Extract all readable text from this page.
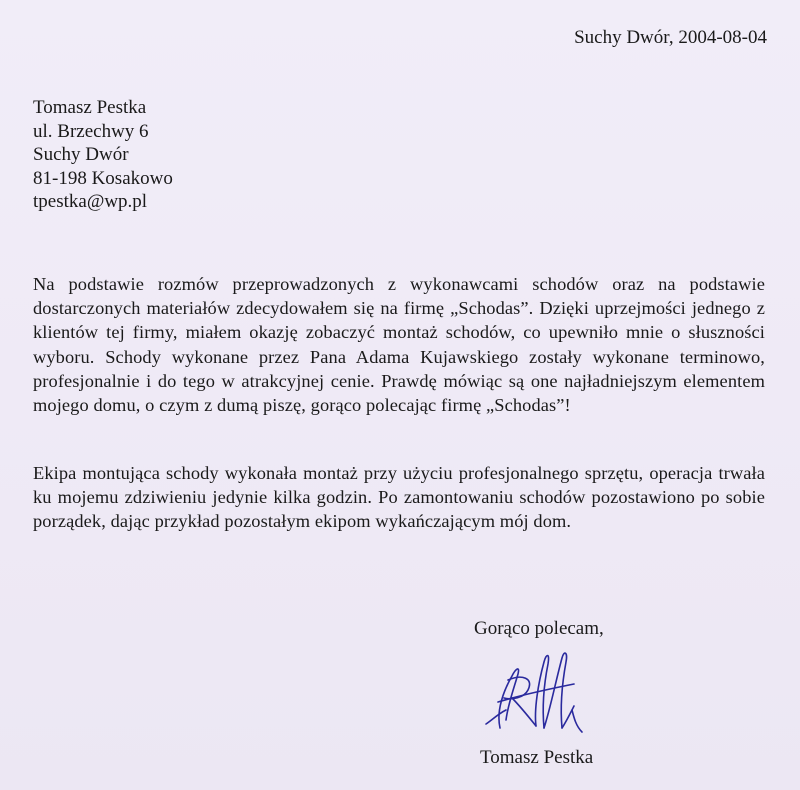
Suchy Dwór, 2004-08-04
Tomasz Pestka
ul. Brzechwy 6
Suchy Dwór
81-198 Kosakowo
tpestka@wp.pl
Na podstawie rozmów przeprowadzonych z wykonawcami schodów oraz na podstawie dostarczonych materiałów zdecydowałem się na firmę „Schodas”. Dzięki uprzejmości jednego z klientów tej firmy, miałem okazję zobaczyć montaż schodów, co upewniło mnie o słuszności wyboru. Schody wykonane przez Pana Adama Kujawskiego zostały wykonane terminowo, profesjonalnie i do tego w atrakcyjnej cenie. Prawdę mówiąc są one najładniejszym elementem mojego domu, o czym z dumą piszę, gorąco polecając firmę „Schodas”!
Ekipa montująca schody wykonała montaż przy użyciu profesjonalnego sprzętu, operacja trwała ku mojemu zdziwieniu jedynie kilka godzin. Po zamontowaniu schodów pozostawiono po sobie porządek, dając przykład pozostałym ekipom wykańczającym mój dom.
Gorąco polecam,
Tomasz Pestka
